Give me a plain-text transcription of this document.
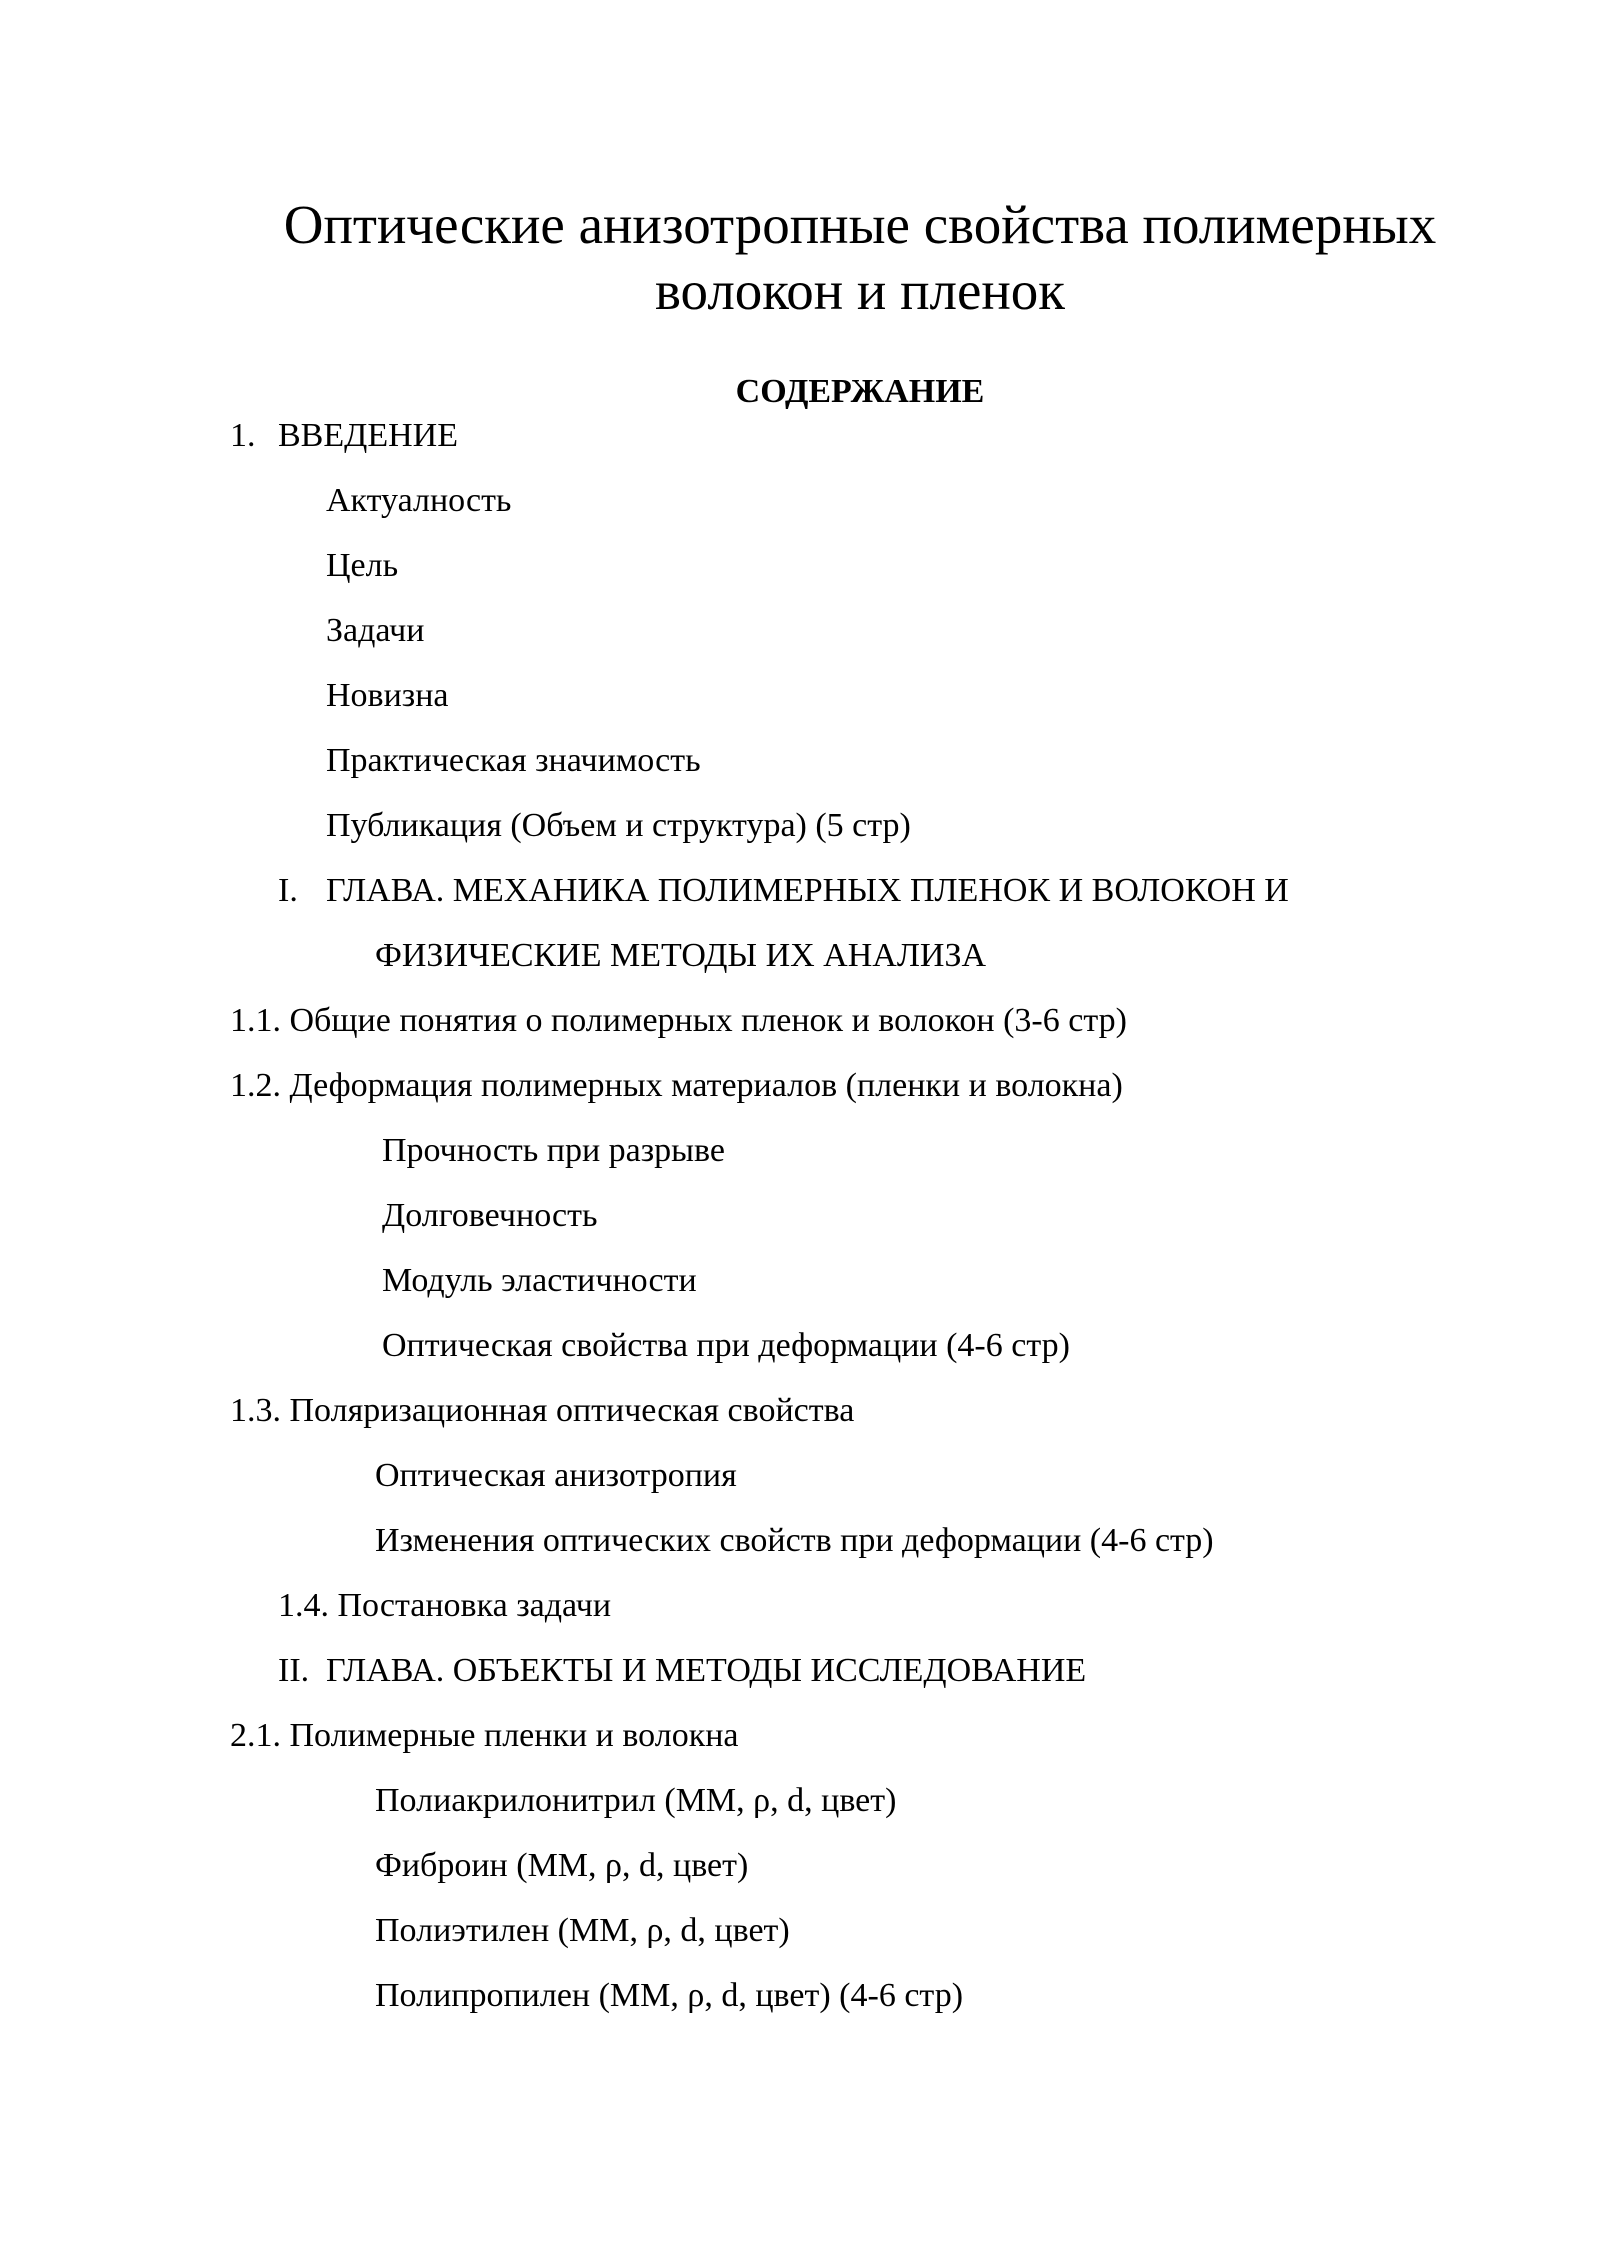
Оптические анизотропные свойства полимерных
волокон и пленок
СОДЕРЖАНИЕ

1. ВВЕДЕНИЕ

Актуалность

Цель

Задачи

Новизна

Практическая значимость

Публикация (Объем и структура) (5 стр)

I. ГЛАВА. МЕХАНИКА ПОЛИМЕРНЫХ ПЛЕНОК И ВОЛОКОН И

ФИЗИЧЕСКИЕ МЕТОДЫ ИХ АНАЛИЗА

1.1. Общие понятия о полимерных пленок и волокон (3-6 стр)

1.2. Деформация полимерных материалов (пленки и волокна)

Прочность при разрыве

Долговечность

Модуль эластичности

Оптическая свойства при деформации (4-6 стр)

1.3. Поляризационная оптическая свойства

Оптическая анизотропия

Изменения оптических свойств при деформации (4-6 стр)

1.4. Постановка задачи

II. ГЛАВА. ОБЪЕКТЫ И МЕТОДЫ ИССЛЕДОВАНИЕ

2.1. Полимерные пленки и волокна

Полиакрилонитрил (ММ, ρ, d, цвет)

Фиброин (ММ, ρ, d, цвет)

Полиэтилен (ММ, ρ, d, цвет)

Полипропилен (ММ, ρ, d, цвет) (4-6 стр)
